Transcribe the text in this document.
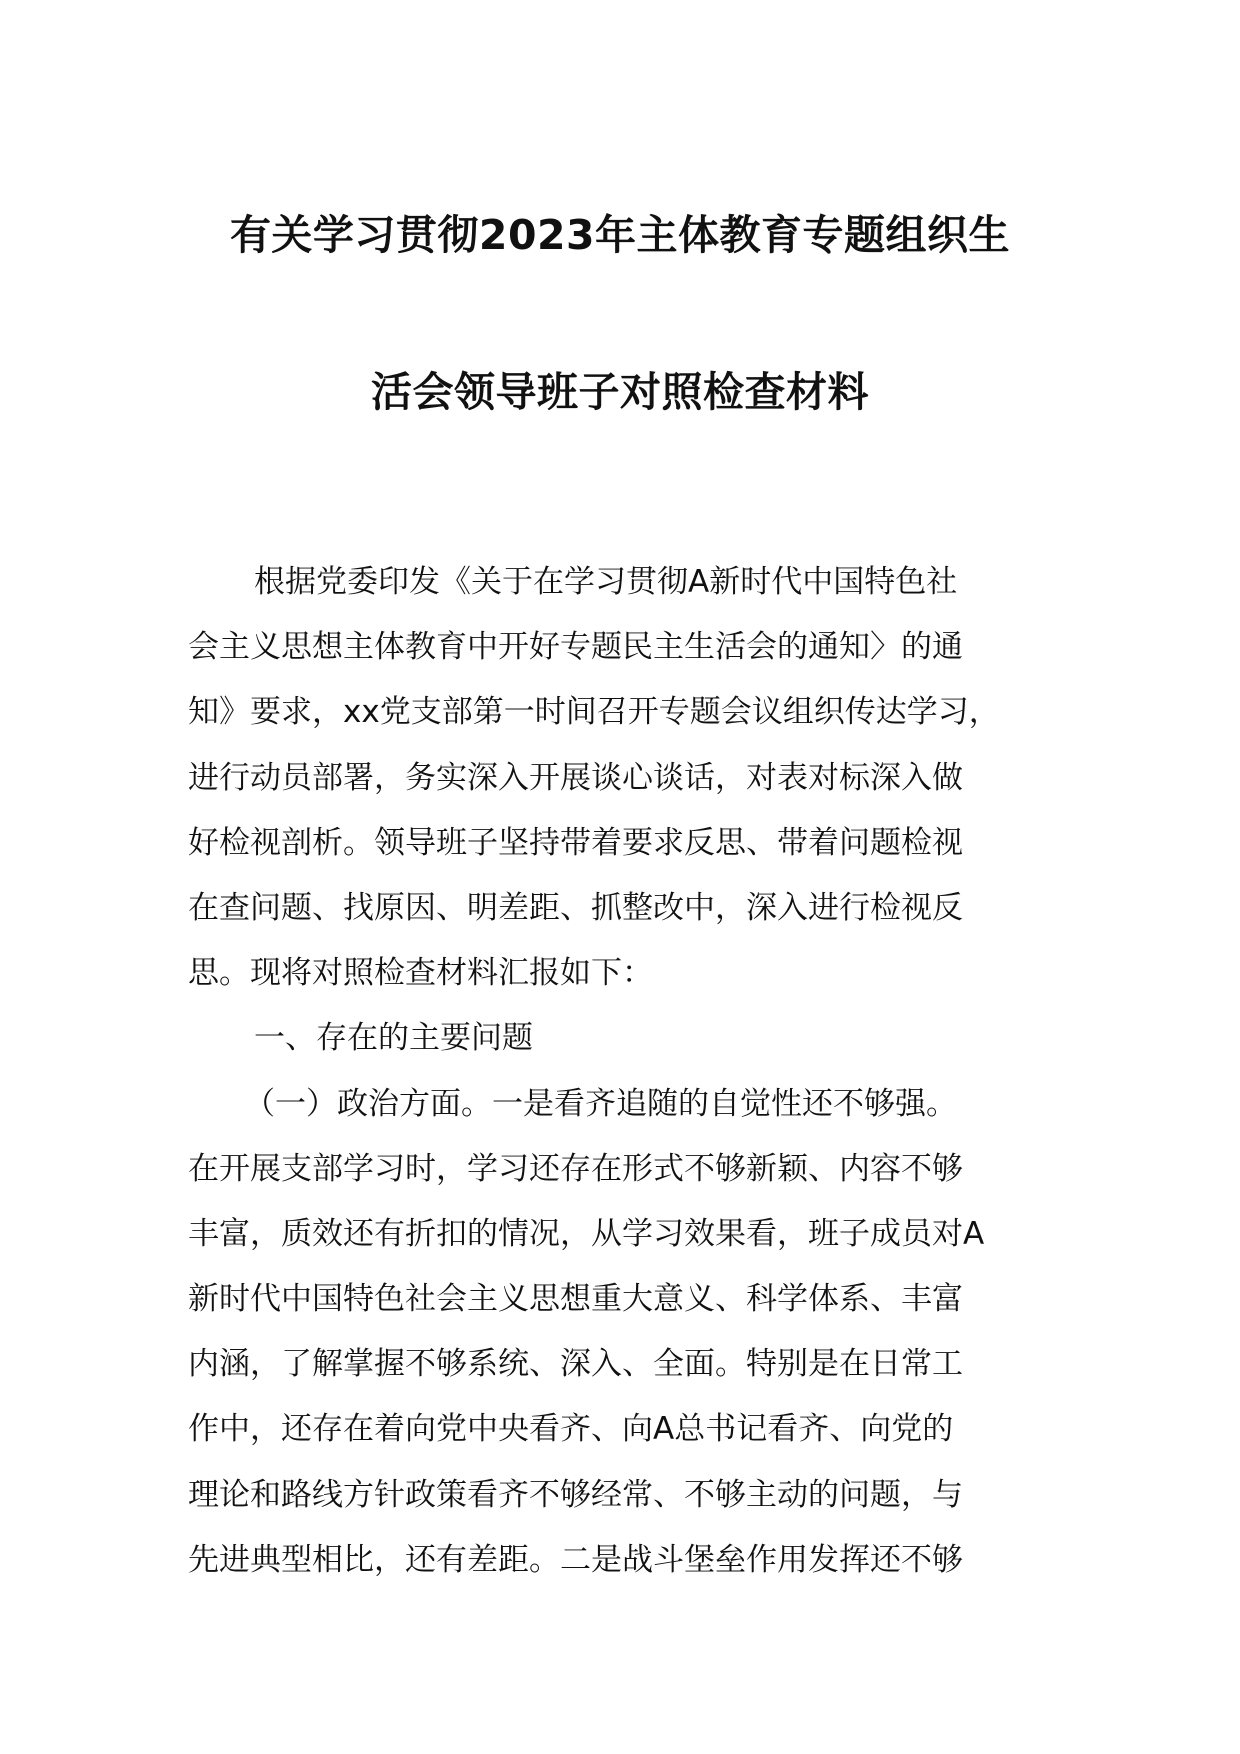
有关学习贯彻2023年主体教育专题组织生
活会领导班子对照检查材料
根据党委印发《关于在学习贯彻A新时代中国特色社
会主义思想主体教育中开好专题民主生活会的通知〉的通
知》要求，xx党支部第一时间召开专题会议组织传达学习，
进行动员部署，务实深入开展谈心谈话，对表对标深入做
好检视剖析。领导班子坚持带着要求反思、带着问题检视
在查问题、找原因、明差距、抓整改中，深入进行检视反
思。现将对照检查材料汇报如下：
一、存在的主要问题
（一）政治方面。一是看齐追随的自觉性还不够强。
在开展支部学习时，学习还存在形式不够新颖、内容不够
丰富，质效还有折扣的情况，从学习效果看，班子成员对A
新时代中国特色社会主义思想重大意义、科学体系、丰富
内涵，了解掌握不够系统、深入、全面。特别是在日常工
作中，还存在着向党中央看齐、向A总书记看齐、向党的
理论和路线方针政策看齐不够经常、不够主动的问题，与
先进典型相比，还有差距。二是战斗堡垒作用发挥还不够
